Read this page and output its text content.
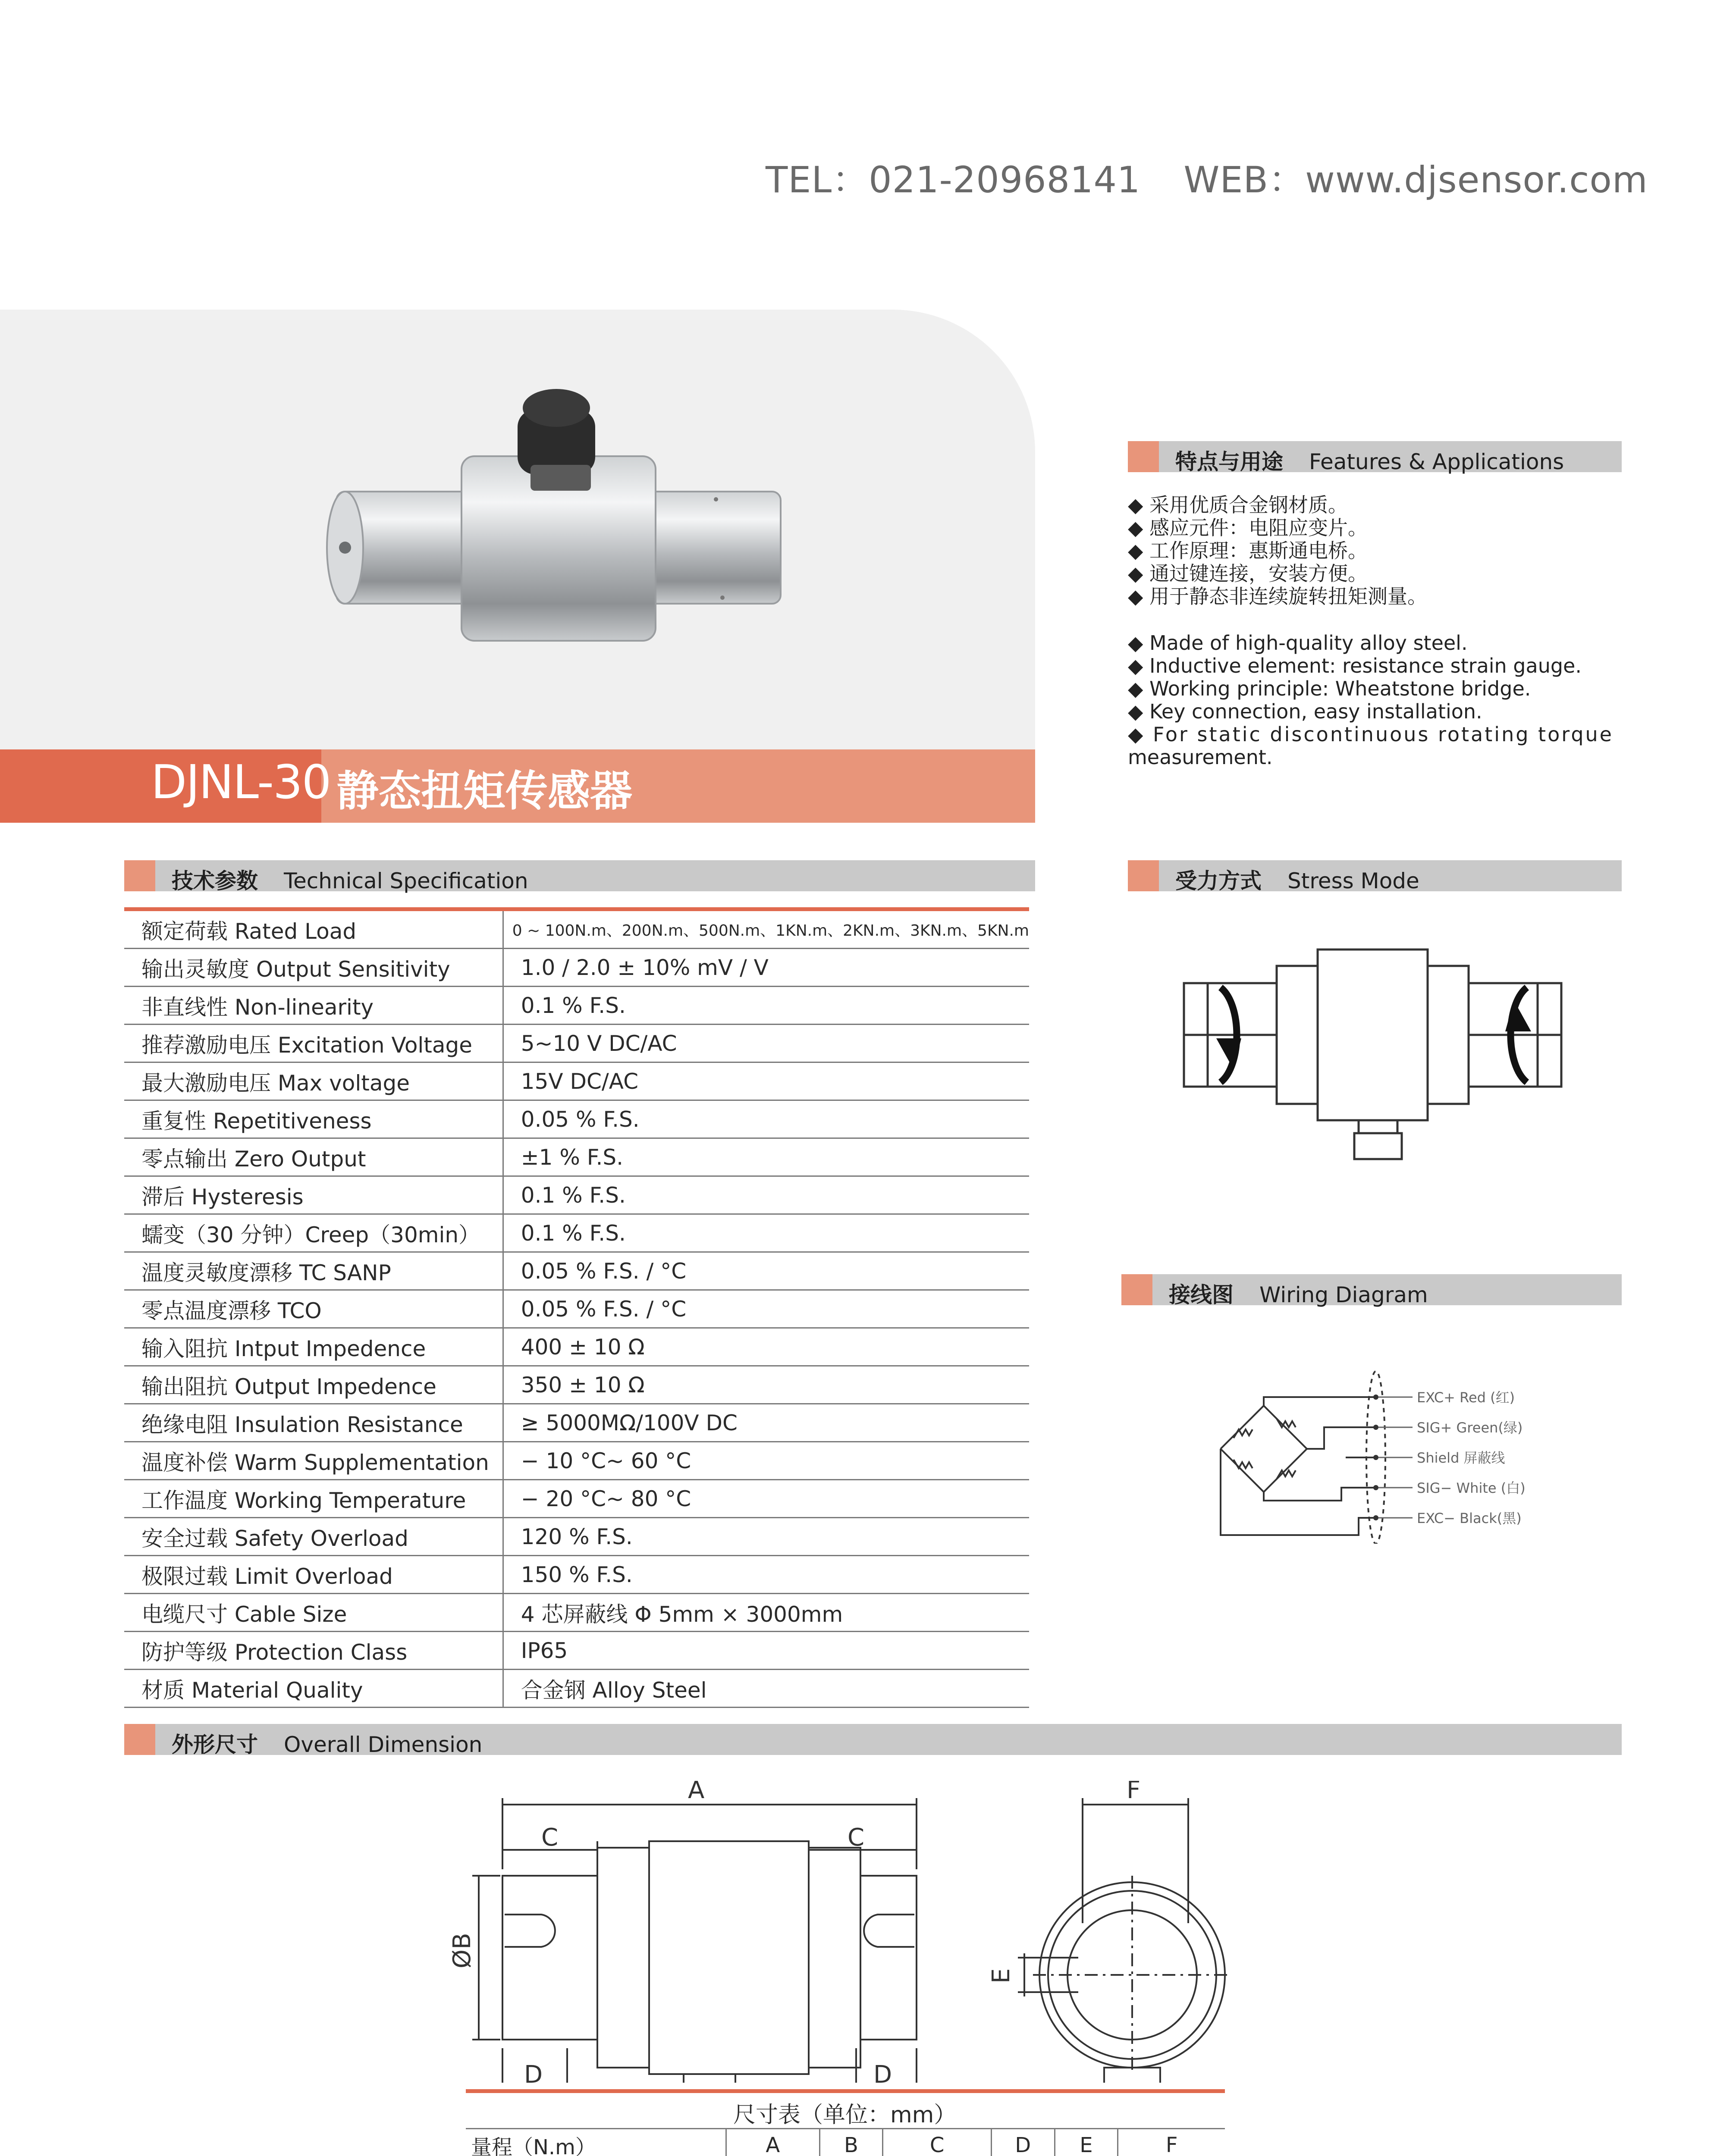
TEL：021-20968141 WEB：www.djsensor.com
DJNL-30 静态扭矩传感器
特点与用途 Features & Applications
◆ 采用优质合金钢材质。
◆ 感应元件：电阻应变片。
◆ 工作原理：惠斯通电桥。
◆ 通过键连接，安装方便。
◆ 用于静态非连续旋转扭矩测量。
◆ Made of high-quality alloy steel.
◆ Inductive element: resistance strain gauge.
◆ Working principle: Wheatstone bridge.
◆ Key connection, easy installation.
◆ For static discontinuous rotating torque
measurement.
技术参数 Technical Specification
额定荷载 Rated Load	0 ~ 100N.m、200N.m、500N.m、1KN.m、2KN.m、3KN.m、5KN.m
输出灵敏度 Output Sensitivity	1.0 / 2.0 ± 10% mV / V
非直线性 Non-linearity	0.1 % F.S.
推荐激励电压 Excitation Voltage	5~10 V DC/AC
最大激励电压 Max voltage	15V DC/AC
重复性 Repetitiveness	0.05 % F.S.
零点输出 Zero Output	±1 % F.S.
滞后 Hysteresis	0.1 % F.S.
蠕变（30 分钟）Creep（30min）	0.1 % F.S.
温度灵敏度漂移 TC SANP	0.05 % F.S. / °C
零点温度漂移 TCO	0.05 % F.S. / °C
输入阻抗 Intput Impedence	400 ± 10 Ω
输出阻抗 Output Impedence	350 ± 10 Ω
绝缘电阻 Insulation Resistance	≥ 5000MΩ/100V DC
温度补偿 Warm Supplementation	− 10 °C~ 60 °C
工作温度 Working Temperature	− 20 °C~ 80 °C
安全过载 Safety Overload	120 % F.S.
极限过载 Limit Overload	150 % F.S.
电缆尺寸 Cable Size	4 芯屏蔽线 Φ 5mm × 3000mm
防护等级 Protection Class	IP65
材质 Material Quality	合金钢 Alloy Steel
受力方式 Stress Mode
接线图 Wiring Diagram
EXC+ Red (红)
SIG+ Green(绿)
Shield 屏蔽线
SIG− White (白)
EXC− Black(黑)
外形尺寸 Overall Dimension
A
C	C
D	D
F
ØB
E
尺寸表（单位：mm）
量程（N.m）	A	B	C	D	E	F
